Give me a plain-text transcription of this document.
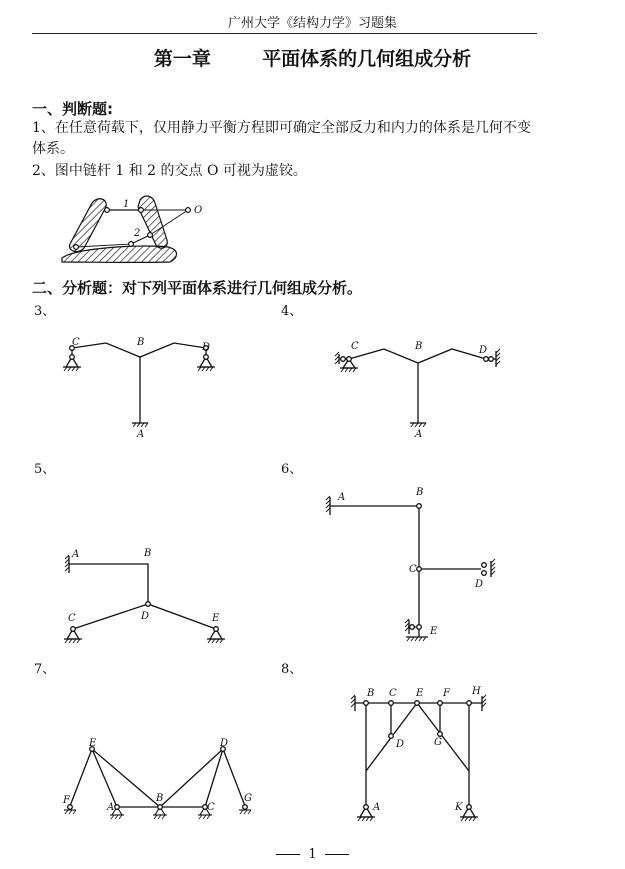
广州大学《结构力学》习题集
第一章	平面体系的几何组成分析
一、判断题:
1、在任意荷载下，仅用静力平衡方程即可确定全部反力和内力的体系是几何不变
体系。
2、图中链杆 1 和 2 的交点 O 可视为虚铰。
二、分析题：对下列平面体系进行几何组成分析。
3、	4、
5、	6、
7、	8、
1
2
O
C	B	D
A
C	B	D
A
A	B
D
C	E
A	B
C
D
E
E	D
F
A
B
C
G
B C E F H
D	G
A	K
1
